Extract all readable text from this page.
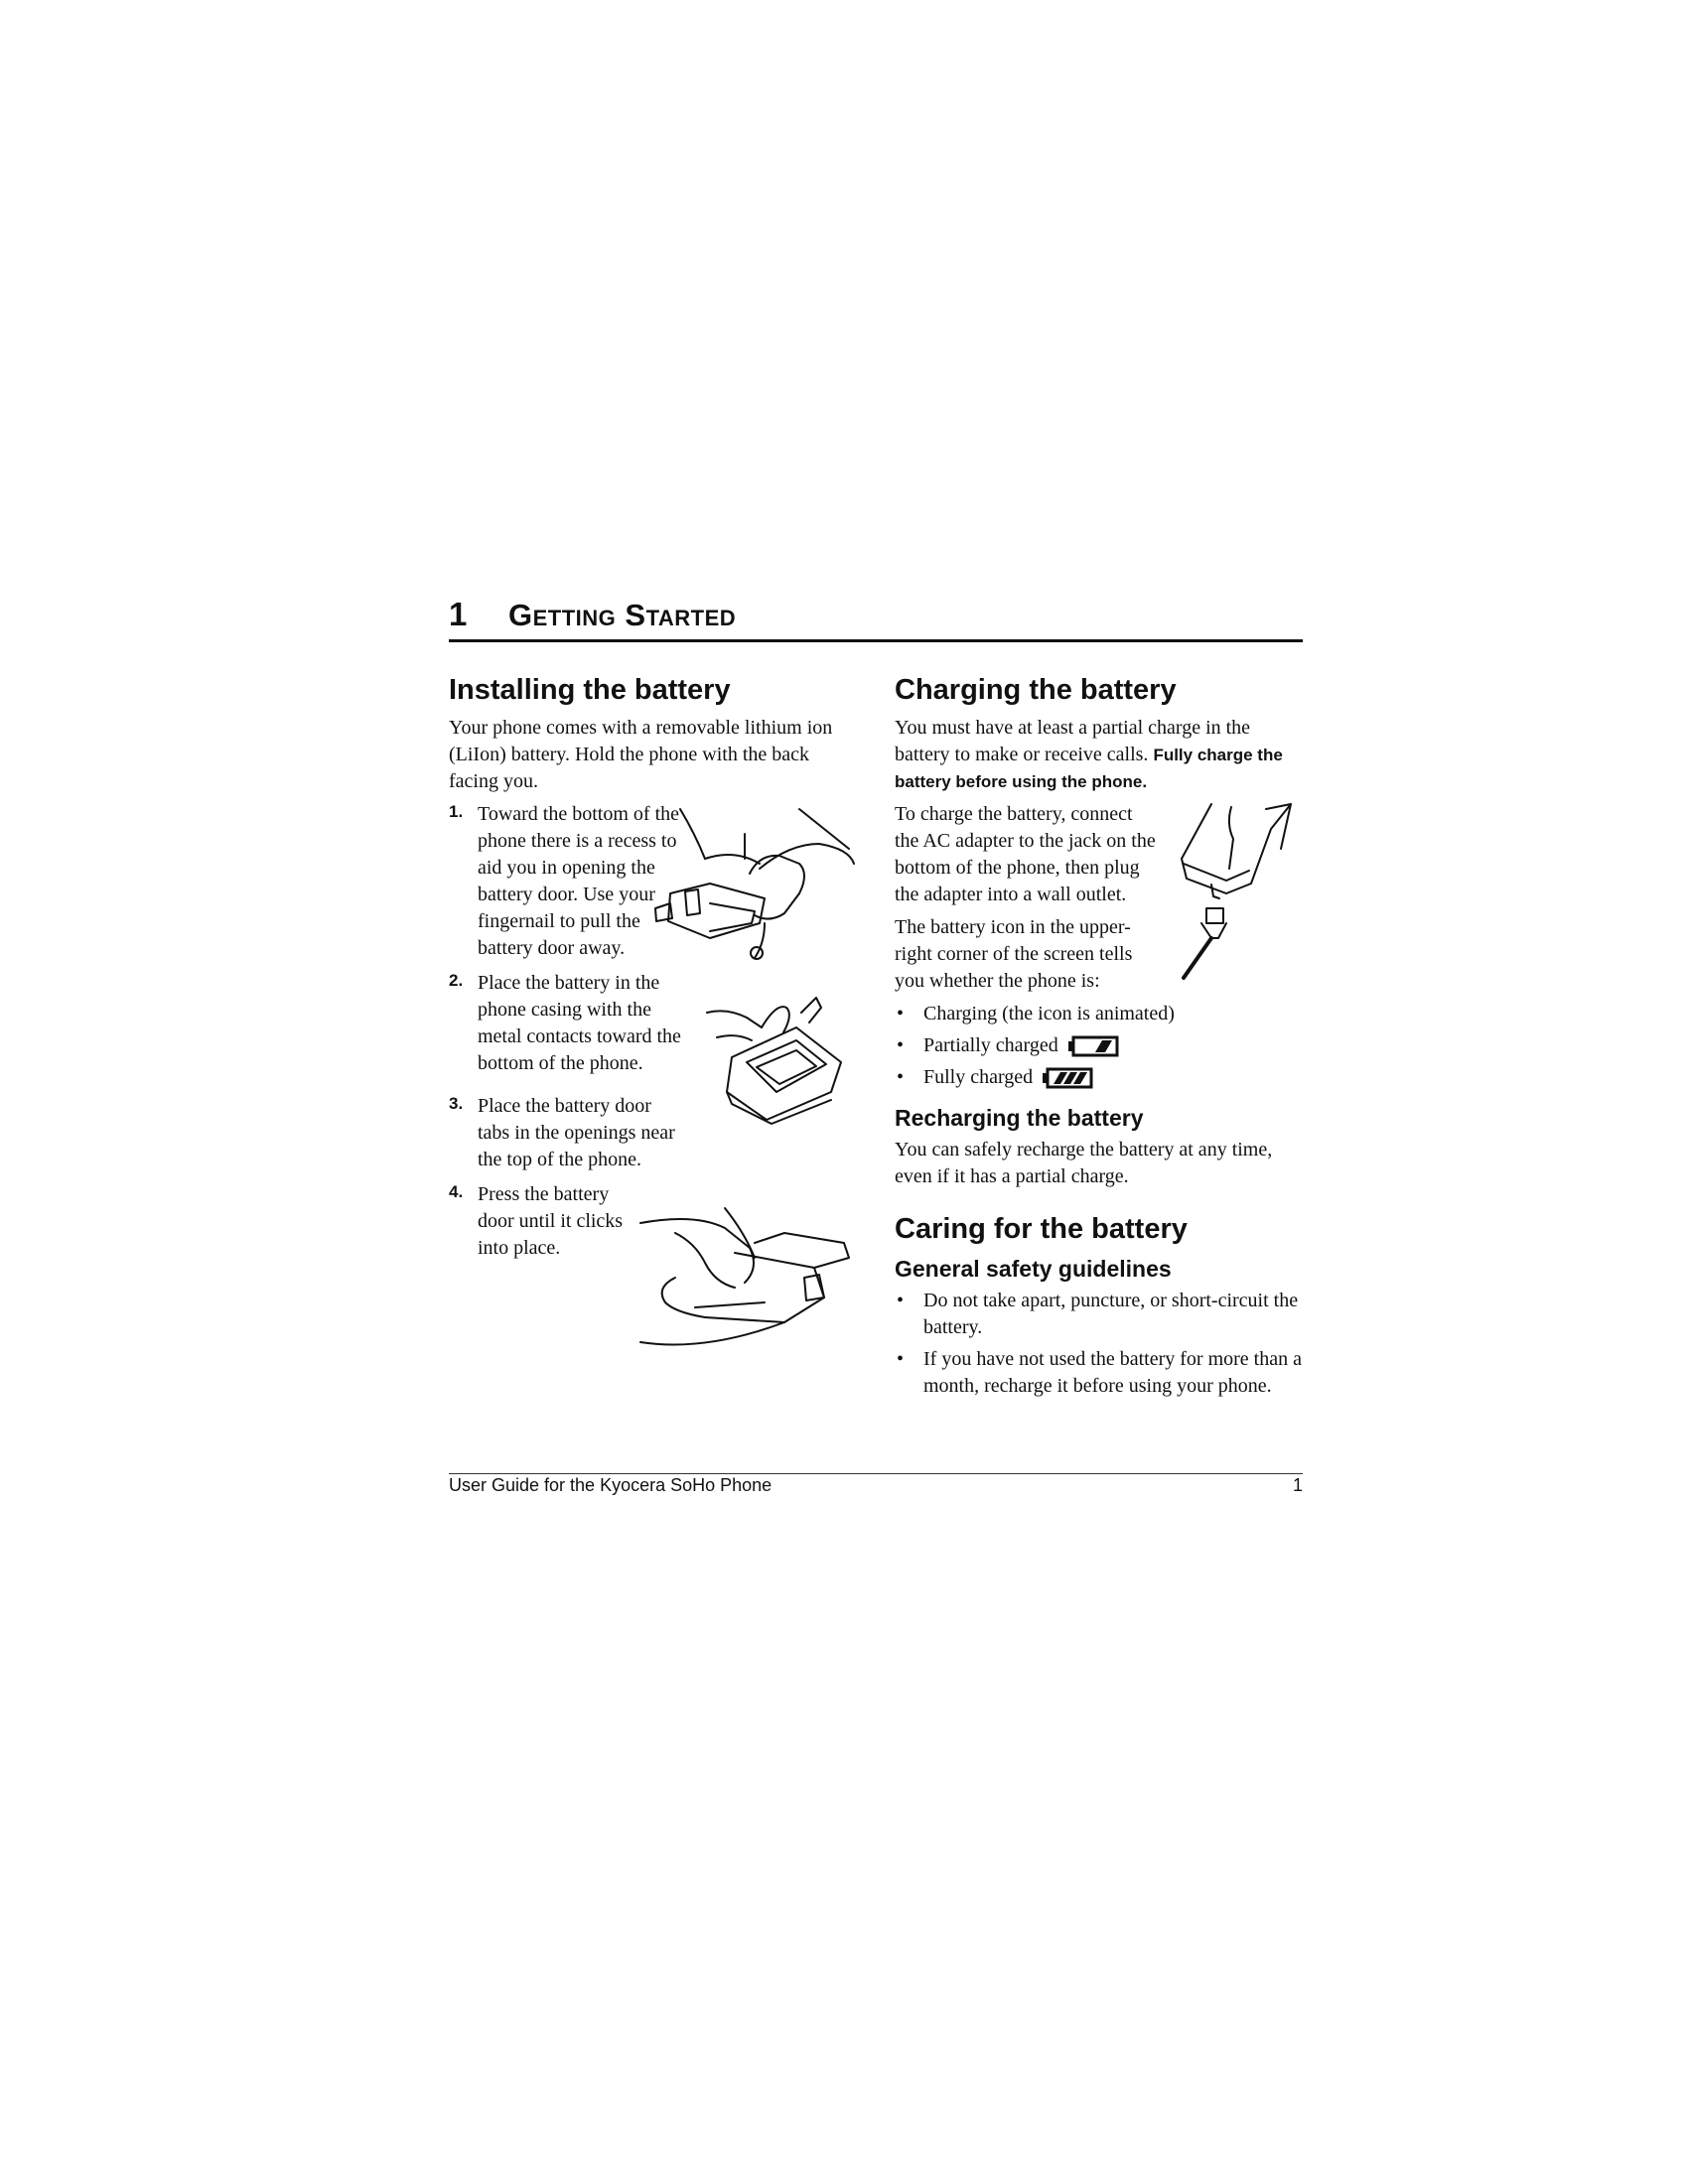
1 Getting Started
Installing the battery

Your phone comes with a removable lithium ion (LiIon) battery. Hold the phone with the back facing you.

1. Toward the bottom of the phone there is a recess to aid you in opening the battery door. Use your fingernail to pull the battery door away.
2. Place the battery in the phone casing with the metal contacts toward the bottom of the phone.
3. Place the battery door tabs in the openings near the top of the phone.
4. Press the battery door until it clicks into place.
Charging the battery

You must have at least a partial charge in the battery to make or receive calls. Fully charge the battery before using the phone.

To charge the battery, connect the AC adapter to the jack on the bottom of the phone, then plug the adapter into a wall outlet.

The battery icon in the upper-right corner of the screen tells you whether the phone is:

• Charging (the icon is animated)
• Partially charged
• Fully charged
Recharging the battery

You can safely recharge the battery at any time, even if it has a partial charge.

Caring for the battery
General safety guidelines
• Do not take apart, puncture, or short-circuit the battery.
• If you have not used the battery for more than a month, recharge it before using your phone.
User Guide for the Kyocera SoHo Phone	1
